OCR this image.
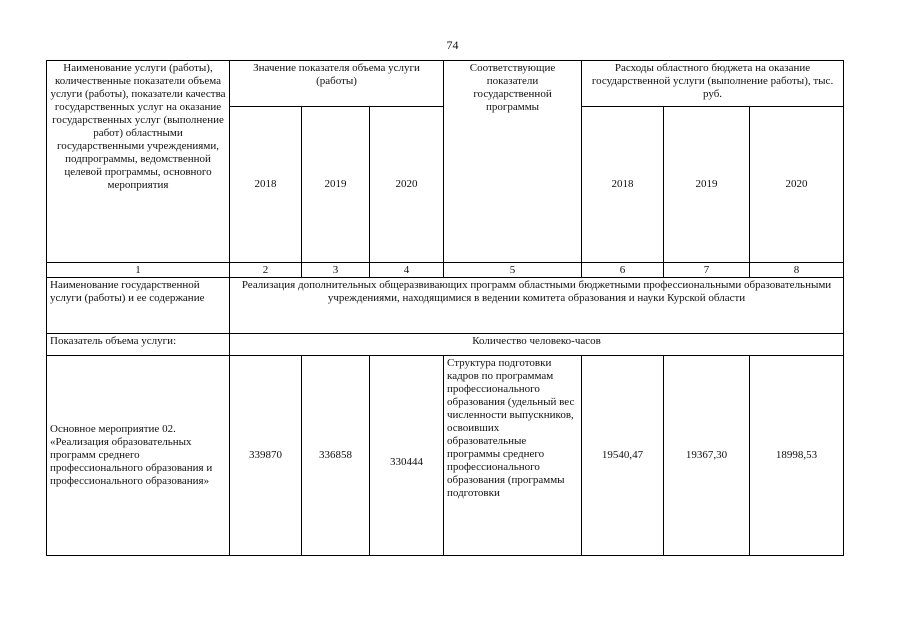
74
Наименование услуги (работы), количественные показатели объема услуги (работы), показатели качества государственных услуг на оказание государственных услуг (выполнение работ) областными государственными учреждениями, подпрограммы, ведомственной целевой программы, основного мероприятия	Значение показателя объема услуги (работы)			Соответствующие показатели государственной программы	Расходы областного бюджета на оказание государственной услуги (выполнение работы), тыс. руб.		
	2018	2019	2020		2018	2019	2020
1	2	3	4	5	6	7	8
Наименование государственной услуги (работы) и ее содержание	Реализация дополнительных общеразвивающих программ областными бюджетными профессиональными образовательными учреждениями, находящимися в ведении комитета образования и науки Курской области						
Показатель объема услуги:	Количество человеко-часов						
Основное мероприятие 02. «Реализация образовательных программ среднего профессионального образования и профессионального образования»	339870	336858	330444	Структура подготовки кадров по программам профессионального образования (удельный вес численности выпускников, освоивших образовательные программы среднего профессионального образования (программы подготовки	19540,47	19367,30	18998,53
